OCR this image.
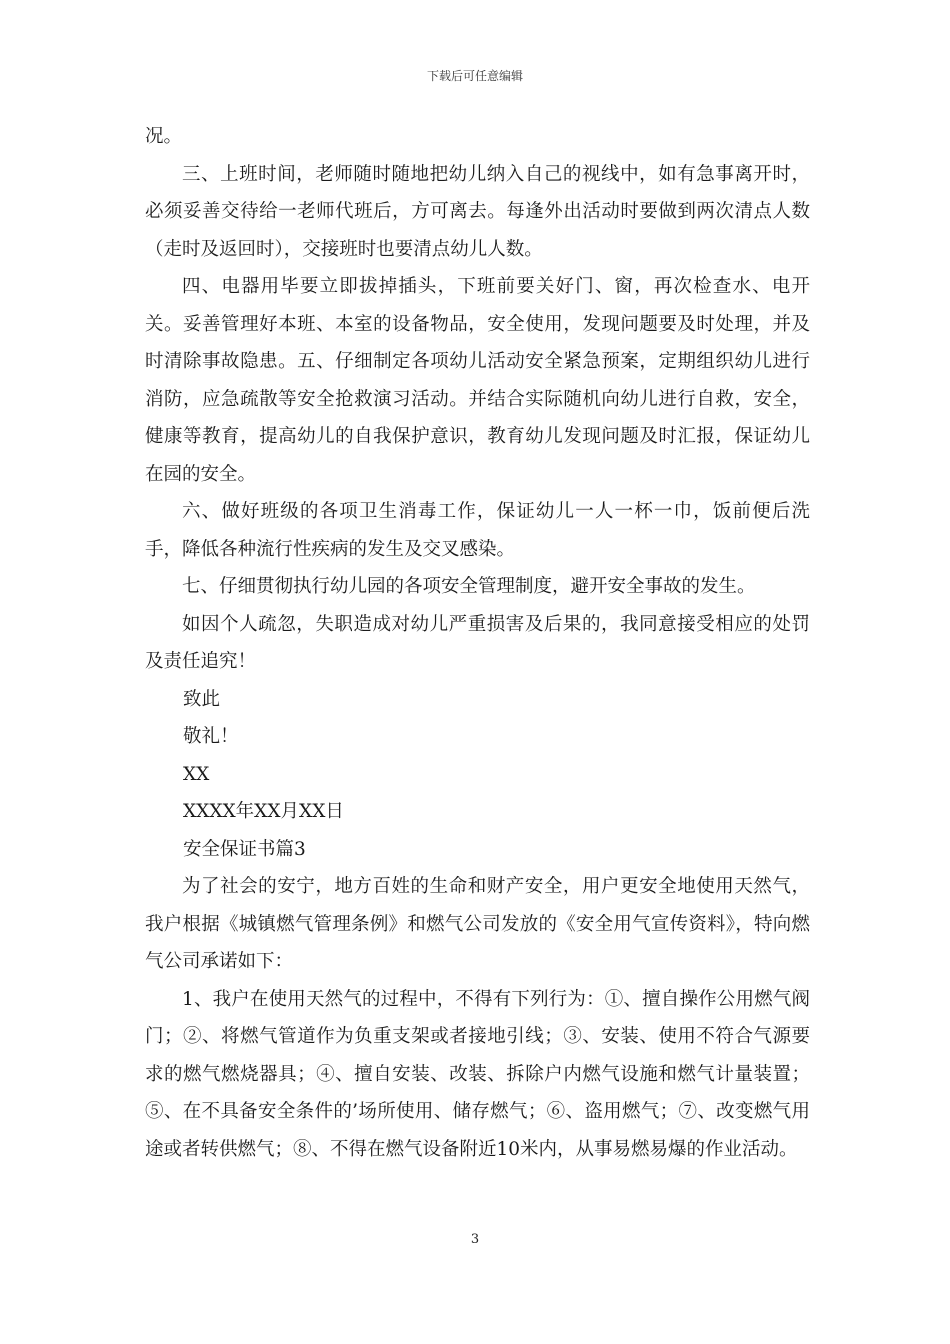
下载后可任意编辑

况。

三、上班时间，老师随时随地把幼儿纳入自己的视线中，如有急事离开时，必须妥善交待给一老师代班后，方可离去。每逢外出活动时要做到两次清点人数（走时及返回时），交接班时也要清点幼儿人数。

四、电器用毕要立即拔掉插头，下班前要关好门、窗，再次检查水、电开关。妥善管理好本班、本室的设备物品，安全使用，发现问题要及时处理，并及时清除事故隐患。五、仔细制定各项幼儿活动安全紧急预案，定期组织幼儿进行消防，应急疏散等安全抢救演习活动。并结合实际随机向幼儿进行自救，安全，健康等教育，提高幼儿的自我保护意识，教育幼儿发现问题及时汇报，保证幼儿在园的安全。

六、做好班级的各项卫生消毒工作，保证幼儿一人一杯一巾，饭前便后洗手，降低各种流行性疾病的发生及交叉感染。

七、仔细贯彻执行幼儿园的各项安全管理制度，避开安全事故的发生。

如因个人疏忽，失职造成对幼儿严重损害及后果的，我同意接受相应的处罚及责任追究！

致此

敬礼！

XX

XXXX年XX月XX日

安全保证书篇3

为了社会的安宁，地方百姓的生命和财产安全，用户更安全地使用天然气，我户根据《城镇燃气管理条例》和燃气公司发放的《安全用气宣传资料》，特向燃气公司承诺如下：

1、我户在使用天然气的过程中，不得有下列行为：①、擅自操作公用燃气阀门；②、将燃气管道作为负重支架或者接地引线；③、安装、使用不符合气源要求的燃气燃烧器具；④、擅自安装、改装、拆除户内燃气设施和燃气计量装置；⑤、在不具备安全条件的’场所使用、储存燃气；⑥、盗用燃气；⑦、改变燃气用途或者转供燃气；⑧、不得在燃气设备附近10米内，从事易燃易爆的作业活动。

3
